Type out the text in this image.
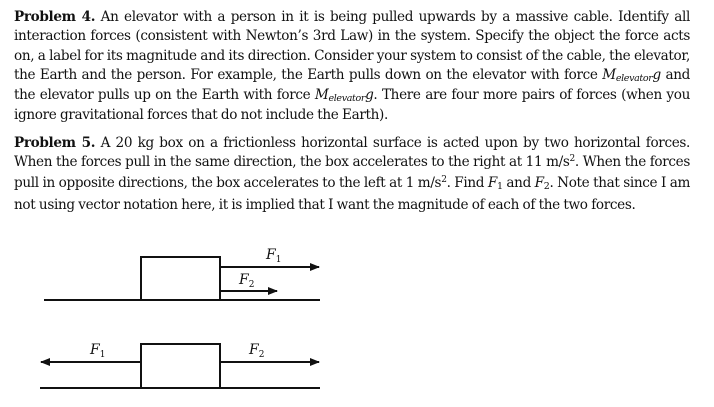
Problem 4. An elevator with a person in it is being pulled upwards by a massive cable. Identify all interaction forces (consistent with Newton’s 3rd Law) in the system. Specify the object the force acts on, a label for its magnitude and its direction. Consider your system to consist of the cable, the elevator, the Earth and the person. For example, the Earth pulls down on the elevator with force Melevatorg and the elevator pulls up on the Earth with force Melevatorg. There are four more pairs of forces (when you ignore gravitational forces that do not include the Earth).

Problem 5. A 20 kg box on a frictionless horizontal surface is acted upon by two horizontal forces. When the forces pull in the same direction, the box accelerates to the right at 11 $m/s^2$. When the forces pull in opposite directions, the box accelerates to the left at 1 $m/s^2$. Find F1 and F2. Note that since I am not using vector notation here, it is implied that I want the magnitude of each of the two forces.

$F_1$
$F_2$
$F_1$	$F_2$
